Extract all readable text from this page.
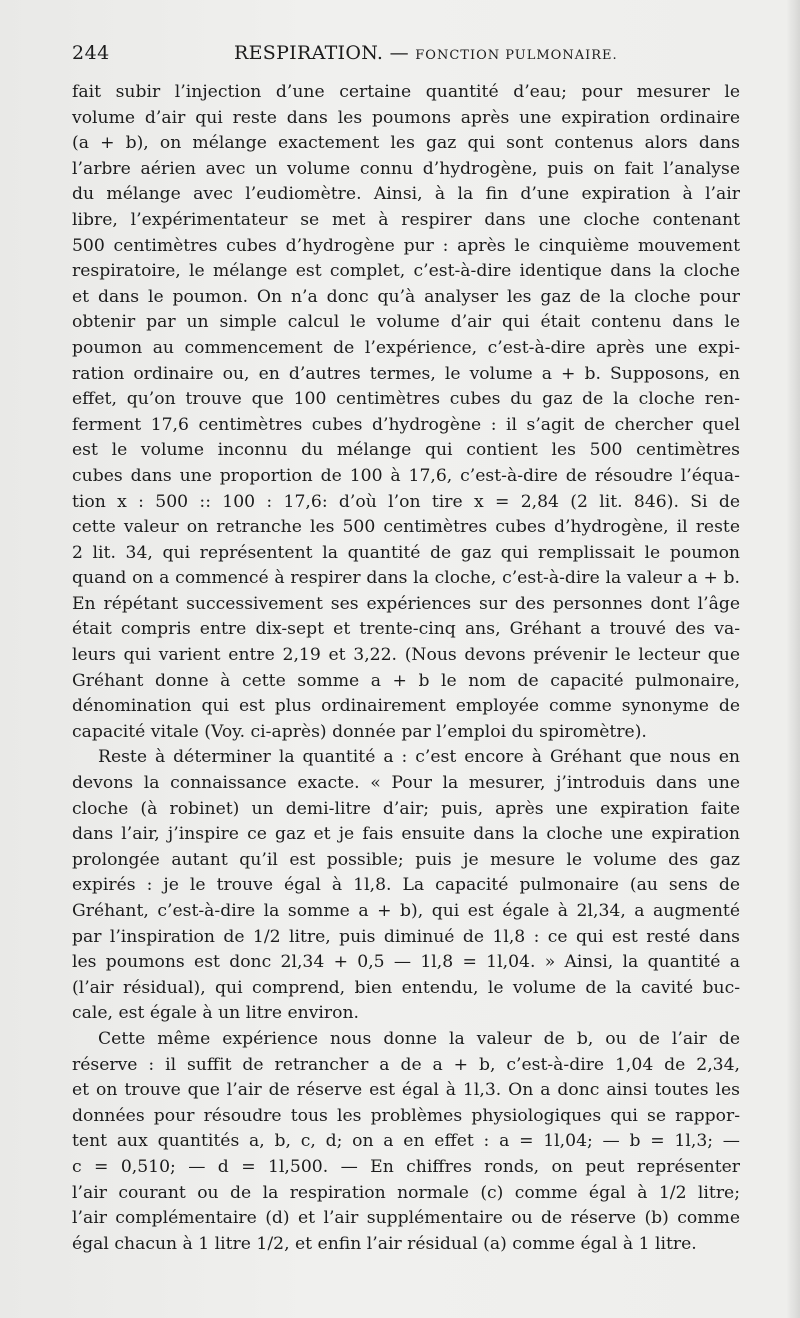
244	RESPIRATION. — FONCTION PULMONAIRE.

fait subir l’injection d’une certaine quantité d’eau; pour mesurer le
volume d’air qui reste dans les poumons après une expiration ordinaire
(a + b), on mélange exactement les gaz qui sont contenus alors dans
l’arbre aérien avec un volume connu d’hydrogène, puis on fait l’analyse
du mélange avec l’eudiomètre. Ainsi, à la fin d’une expiration à l’air
libre, l’expérimentateur se met à respirer dans une cloche contenant
500 centimètres cubes d’hydrogène pur : après le cinquième mouvement
respiratoire, le mélange est complet, c’est-à-dire identique dans la cloche
et dans le poumon. On n’a donc qu’à analyser les gaz de la cloche pour
obtenir par un simple calcul le volume d’air qui était contenu dans le
poumon au commencement de l’expérience, c’est-à-dire après une expi-
ration ordinaire ou, en d’autres termes, le volume a + b. Supposons, en
effet, qu’on trouve que 100 centimètres cubes du gaz de la cloche ren-
ferment 17,6 centimètres cubes d’hydrogène : il s’agit de chercher quel
est le volume inconnu du mélange qui contient les 500 centimètres
cubes dans une proportion de 100 à 17,6, c’est-à-dire de résoudre l’équa-
tion x : 500 :: 100 : 17,6: d’où l’on tire x = 2,84 (2 lit. 846). Si de
cette valeur on retranche les 500 centimètres cubes d’hydrogène, il reste
2 lit. 34, qui représentent la quantité de gaz qui remplissait le poumon
quand on a commencé à respirer dans la cloche, c’est-à-dire la valeur a + b.
En répétant successivement ses expériences sur des personnes dont l’âge
était compris entre dix-sept et trente-cinq ans, Gréhant a trouvé des va-
leurs qui varient entre 2,19 et 3,22. (Nous devons prévenir le lecteur que
Gréhant donne à cette somme a + b le nom de capacité pulmonaire,
dénomination qui est plus ordinairement employée comme synonyme de
capacité vitale (Voy. ci-après) donnée par l’emploi du spiromètre).

Reste à déterminer la quantité a : c’est encore à Gréhant que nous en
devons la connaissance exacte. « Pour la mesurer, j’introduis dans une
cloche (à robinet) un demi-litre d’air; puis, après une expiration faite
dans l’air, j’inspire ce gaz et je fais ensuite dans la cloche une expiration
prolongée autant qu’il est possible; puis je mesure le volume des gaz
expirés : je le trouve égal à 1l,8. La capacité pulmonaire (au sens de
Gréhant, c’est-à-dire la somme a + b), qui est égale à 2l,34, a augmenté
par l’inspiration de 1/2 litre, puis diminué de 1l,8 : ce qui est resté dans
les poumons est donc 2l,34 + 0,5 — 1l,8 = 1l,04. » Ainsi, la quantité a
(l’air résidual), qui comprend, bien entendu, le volume de la cavité buc-
cale, est égale à un litre environ.

Cette même expérience nous donne la valeur de b, ou de l’air de
réserve : il suffit de retrancher a de a + b, c’est-à-dire 1,04 de 2,34,
et on trouve que l’air de réserve est égal à 1l,3. On a donc ainsi toutes les
données pour résoudre tous les problèmes physiologiques qui se rappor-
tent aux quantités a, b, c, d; on a en effet : a = 1l,04; — b = 1l,3; —
c = 0,510; — d = 1l,500. — En chiffres ronds, on peut représenter
l’air courant ou de la respiration normale (c) comme égal à 1/2 litre;
l’air complémentaire (d) et l’air supplémentaire ou de réserve (b) comme
égal chacun à 1 litre 1/2, et enfin l’air résidual (a) comme égal à 1 litre.
